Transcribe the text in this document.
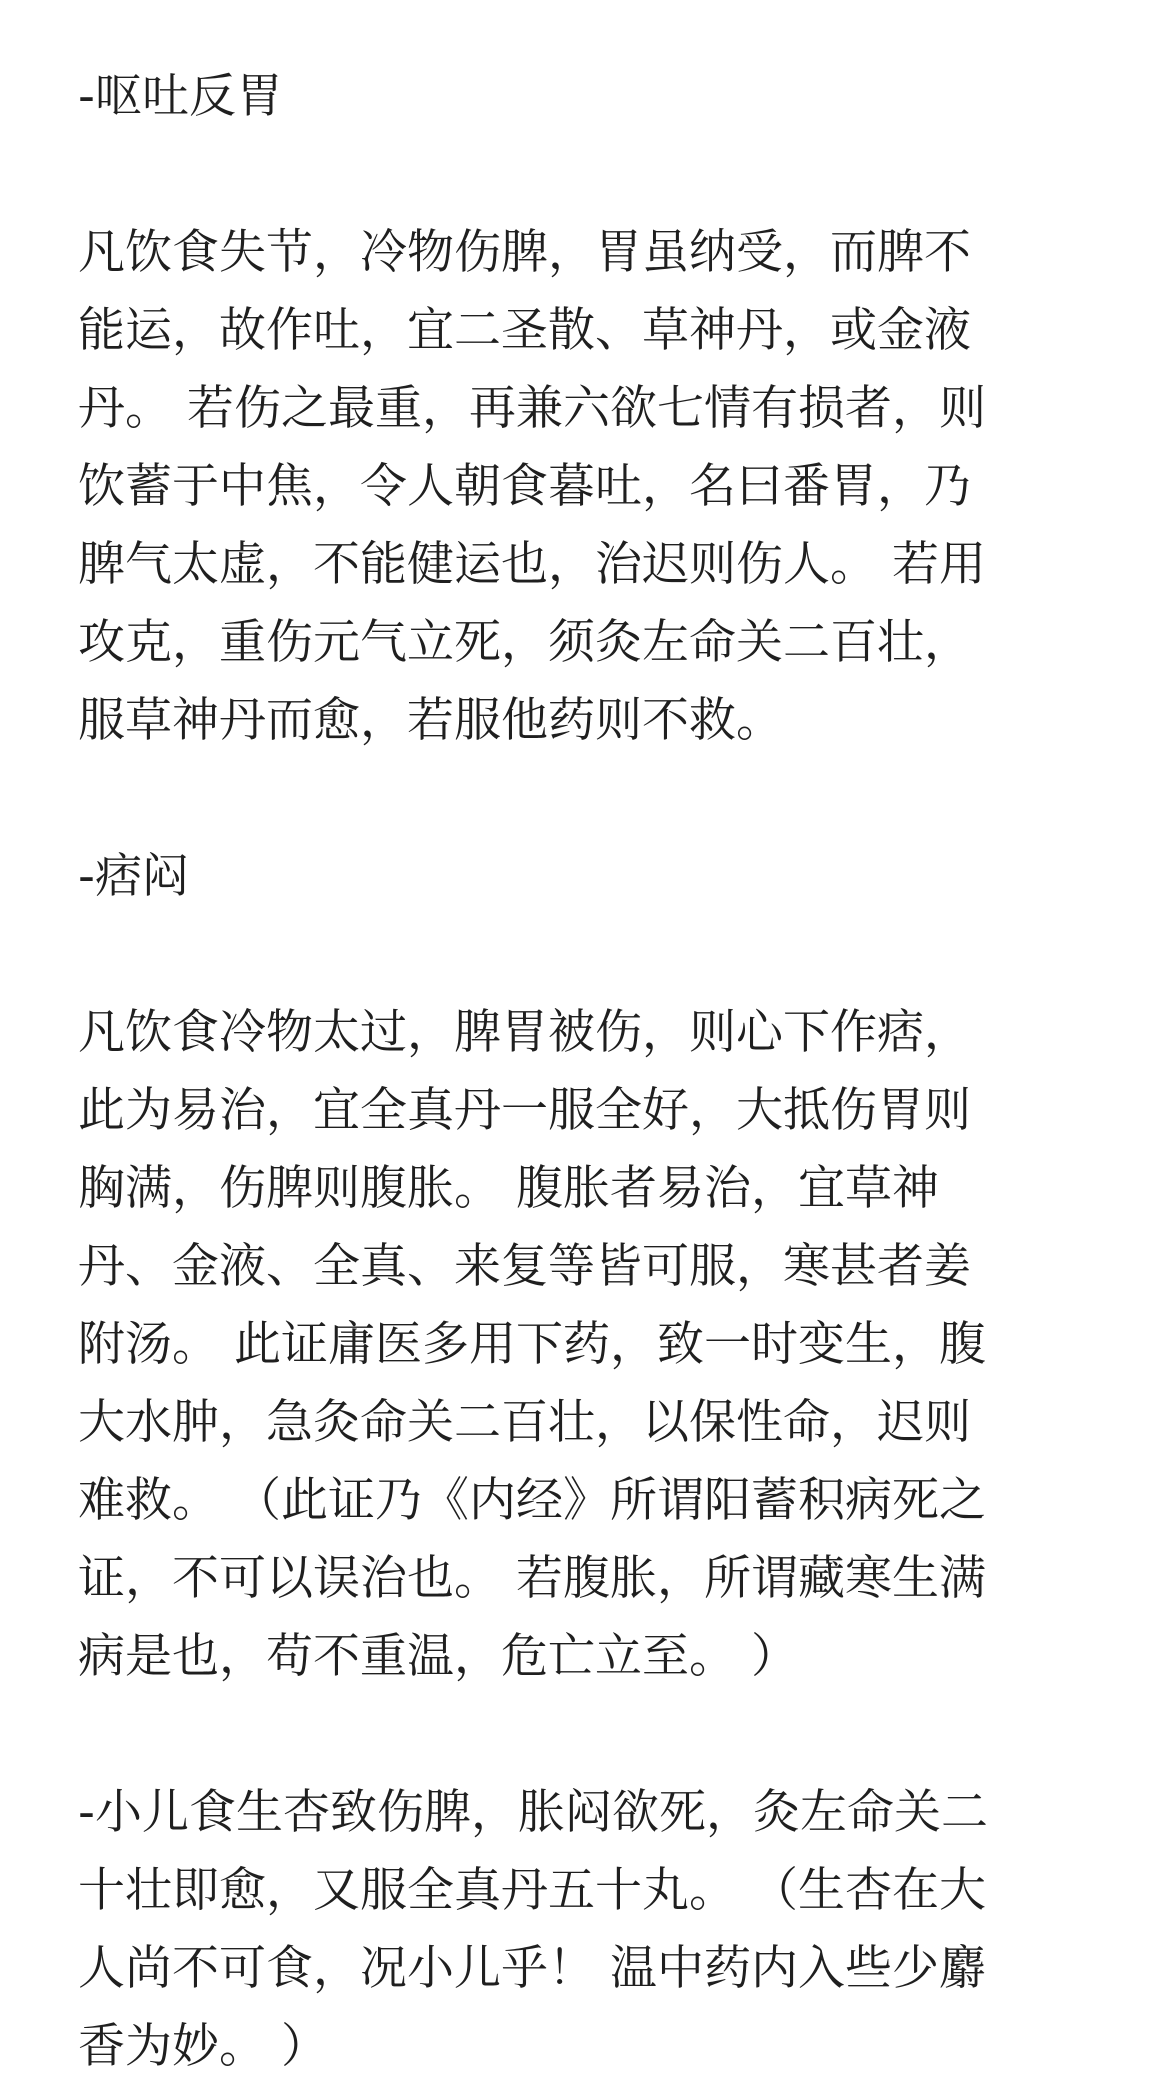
-呕吐反胃
凡饮食失节，冷物伤脾，胃虽纳受，而脾不
能运，故作吐，宜二圣散、草神丹，或金液
丹。 若伤之最重，再兼六欲七情有损者，则
饮蓄于中焦，令人朝食暮吐，名曰番胃，乃
脾气太虚，不能健运也，治迟则伤人。 若用
攻克，重伤元气立死，须灸左命关二百壮，
服草神丹而愈，若服他药则不救。
-痞闷
凡饮食冷物太过，脾胃被伤，则心下作痞，
此为易治，宜全真丹一服全好，大抵伤胃则
胸满，伤脾则腹胀。 腹胀者易治，宜草神
丹、金液、全真、来复等皆可服，寒甚者姜
附汤。 此证庸医多用下药，致一时变生，腹
大水肿，急灸命关二百壮，以保性命，迟则
难救。 （此证乃《内经》所谓阳蓄积病死之
证，不可以误治也。 若腹胀，所谓藏寒生满
病是也，苟不重温，危亡立至。 ）
-小儿食生杏致伤脾，胀闷欲死，灸左命关二
十壮即愈，又服全真丹五十丸。 （生杏在大
人尚不可食，况小儿乎！ 温中药内入些少麝
香为妙。 ）
